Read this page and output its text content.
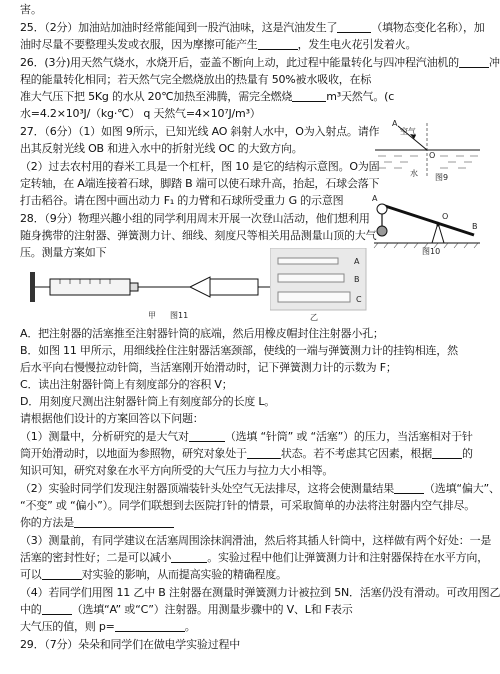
害。
25．（2分）加油站加油时经常能闻到一股汽油味，这是汽油发生了	（填物态变化名称），加
油时尽量不要整理头发或衣服，因为摩擦可能产生	，发生电火花引发着火。
26．(3分)用天然气烧水，水烧开后，壶盖不断向上动，此过程中能量转化与四冲程汽油机的	冲
程的能量转化相同；若天然气完全燃烧放出的热量有 50%被水吸收，在标
准大气压下把 5Kg 的水从 20℃加热至沸腾，需完全燃烧	m³天然气。(c
水=4.2×10³J/（kg·℃） q 天然气=4×10⁷J/m³）
27．（6分）（1）如图 9所示，已知光线 AO 斜射人水中，O为入射点。请作
出其反射光线 OB 和进入水中的折射光线 OC 的大致方向。
（2）过去农村用的舂米工具是一个杠杆，图 10 是它的结构示意图。O为固
定转轴，在 A端连接着石球，脚踏 B 端可以使石球升高，抬起，石球会落下
打击稻谷。请在图中画出动力 F₁ 的力臂和石球所受重力 G 的示意图
28．（9分）物理兴趣小组的同学利用周末开展一次登山活动，他们想利用
随身携带的注射器、弹簧测力计、细线、刻度尺等相关用品测量山顶的大气
压。测量方案如下
空气
A
O
水 图9
A
O
B
图10
甲 图11
A
B
C
乙
A．把注射器的活塞推至注射器针筒的底端，然后用橡皮帽封住注射器小孔；
B．如图 11 甲所示，用细线拴住注射器活塞颈部，使线的一端与弹簧测力计的挂钩相连，然
后水平向右慢慢拉动针筒，当活塞刚开始滑动时，记下弹簧测力计的示数为 F；
C．读出注射器针筒上有刻度部分的容积 V；
D．用刻度尺测出注射器针筒上有刻度部分的长度 L。
请根据他们设计的方案回答以下问题：
（1）测量中，分析研究的是大气对	（选填 “针筒” 或 “活塞”）的压力，当活塞相对于针
筒开始滑动时，以地面为参照物，研究对象处于	状态。若不考虑其它因素，根据	的
知识可知，研究对象在水平方向所受的大气压力与拉力大小相等。
（2）实验时同学们发现注射器顶端装针头处空气无法排尽，这将会使测量结果	（选填“偏大”、
“不变” 或 “偏小”）。同学们联想到去医院打针的情景，可采取简单的办法将注射器内空气排尽。
你的方法是
（3）测量前，有同学建议在活塞周围涂抹润滑油，然后将其插人针筒中，这样做有两个好处：一是
活塞的密封性好；二是可以减小	。实验过程中他们让弹簧测力计和注射器保持在水平方向，
可以	对实验的影响，从而提高实验的精确程度。
（4）若同学们用图 11 乙中 B 注射器在测量时弹簧测力计被拉到 5N．活塞仍没有滑动。可改用图乙
中的	（选填“A” 或“C”）注射器。用测量步骤中的 V、L和 F表示
大气压的值，则 p=	。
29．（7分）朵朵和同学们在做电学实验过程中
